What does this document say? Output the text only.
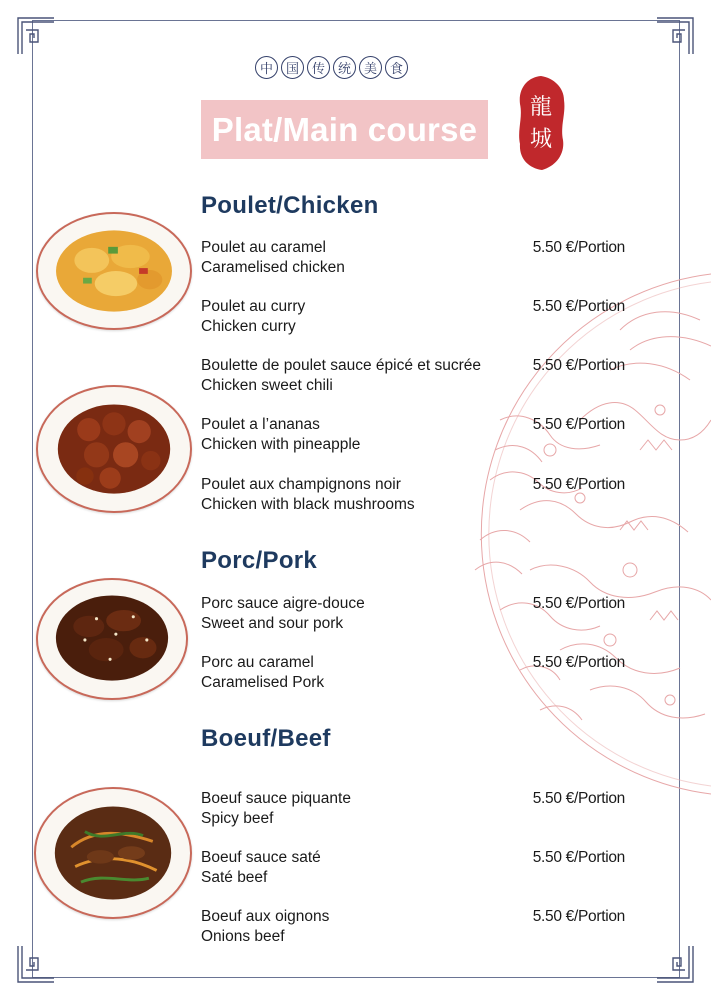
中 国 传 统 美 食
Plat/Main course
龍
城
Poulet/Chicken
Poulet au caramel
Caramelised chicken
5.50 €/Portion
Poulet au curry
Chicken curry
5.50 €/Portion
Boulette de poulet sauce épicé et sucrée
Chicken sweet chili
5.50 €/Portion
Poulet a l’ananas
Chicken with pineapple
5.50 €/Portion
Poulet aux champignons noir
Chicken with black mushrooms
5.50 €/Portion
Porc/Pork
Porc sauce aigre-douce
Sweet and sour pork
5.50 €/Portion
Porc au caramel
Caramelised Pork
5.50 €/Portion
Boeuf/Beef
Boeuf sauce piquante
Spicy beef
5.50 €/Portion
Boeuf sauce saté
Saté beef
5.50 €/Portion
Boeuf aux oignons
Onions beef
5.50 €/Portion
